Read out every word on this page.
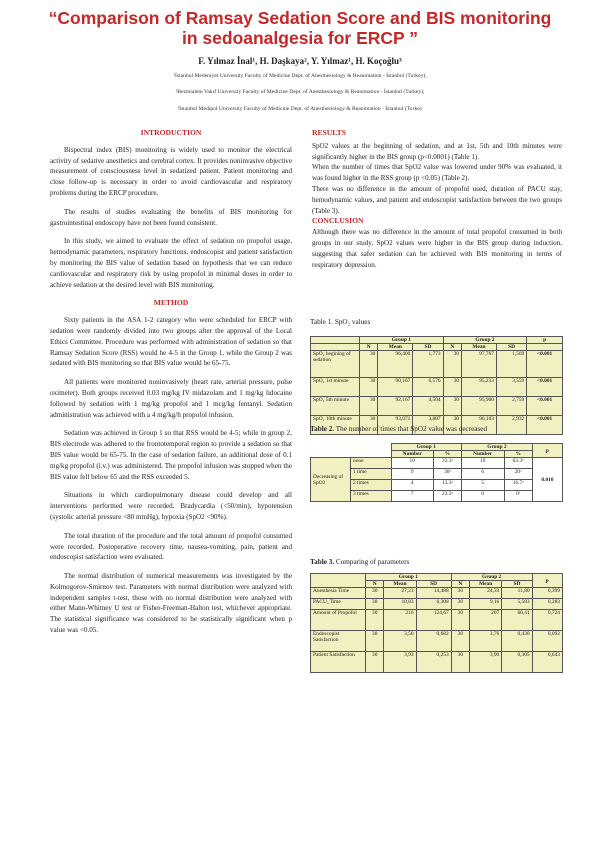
“Comparison of Ramsay Sedation Score and BIS monitoring
in sedoanalgesia for ERCP ”
F. Yılmaz İnal¹, H. Daşkaya², Y. Yılmaz¹, H. Koçoğlu³
¹İstanbul Medeniyet University Faculty of Medicine Dept. of Anesthesiology & Reanimation - İstanbul (Turkey),
²Bezmialem Vakıf University Faculty of Medicine Dept. of Anesthesiology & Reanimation - İstanbul (Turkey),
³İstanbul Medipol University Faculty of Medicine Dept. of Anesthesiology & Reanimation - İstanbul (Turkey
INTRODUCTION

Bispectral index (BIS) monitoring is widely used to monitor the electrical activity of sedative anesthetics and cerebral cortex. It provides noninvasive objective measurement of consciousness level in sedatized patient. Patient monitoring and close follow-up is necessary in order to avoid cardiovascular and respiratory problems during the ERCP procedure.

The results of studies evaluating the benefits of BIS monitoring for gastrointestinal endoscopy have not been found consistent.

In this study, we aimed to evaluate the effect of sedation on propofol usage, hemodynamic parameters, respiratory functions, endoscopist and patient satisfaction by monitoring the BIS value of sedation based on hypothesis that we can reduce cardiovascular and respiratory risk by using propofol in minimal doses in order to achieve sedation at the desired level with BIS monitoring.

METHOD

Sixty patients in the ASA 1-2 category who were scheduled for ERCP with sedation were randomly divided into two groups after the approval of the Local Ethics Committee. Procedure was performed with administration of sedation so that Ramsay Sedation Score (RSS) would be 4-5 in the Group 1, while the Group 2 was sedated with BIS monitoring so that BIS value would be 65-75.

All patients were monitored noninvasively (heart rate, arterial pressure, pulse oximeter). Both groups received 0.03 mg/kg IV midazolam and 1 mg/kg lidocaine followed by sedation with 1 mg/kg propofol and 1 mcg/kg fentanyl. Sedation administration was achieved with a 4 mg/kg/h propofol infusion.

Sedation was achieved in Group 1 so that RSS would be 4-5; while in group 2, BIS electrode was adhered to the frontotemporal region to provide a sedation so that BIS value would be 65-75. In the case of sedation failure, an additional dose of 0.1 mg/kg propofol (i.v.) was administered. The propofol infusion was stopped when the BIS value fell below 65 and the RSS exceeded 5.

Situations in which cardiopulmonary disease could develop and all interventions performed were recorded. Bradycardia (<50/min), hypotension (systolic arterial pressure <80 mmHg), hypoxia (SpO2 <90%).

The total duration of the procedure and the total amount of propofol consumed were recorded. Postoperative recovery time, nausea-vomiting, pain, patient and endoscopist satisfaction were evaluated.

The normal distribution of numerical measurements was investigated by the Kolmogorov-Smirnov test. Parameters with normal distribution were analyzed with independent samples t-test, those with no normal distribution were analyzed with either Mann-Whitney U test or Fisher-Freeman-Halton test, whichever appropriate. The statistical significance was considered to be statistically significant when p value was <0.05.

RESULTS

SpO2 values at the beginning of sedation, and at 1st, 5th and 10th minutes were significantly higher in the BIS group (p<0.0001) (Table 1).

When the number of times that SpO2 value was lowered under 90% was evaluated, it was found higher in the RSS group (p <0.05) (Table 2).

There was no difference in the amount of propofol used, duration of PACU stay, hemodynamic values, and patient and endoscopist satisfaction between the two groups (Table 3).

CONCLUSION

Although there was no difference in the amount of total propofol consumed in both groups in our study, SpO2 values were higher in the BIS group during induction, suggesting that safer sedation can be achieved with BIS monitoring in terms of respiratory depression.

Table 1. SpO₂ values
	Group 1			Group 2			p
	N	Mean	SD	N	Mean	SD	
SpO₂ begining of sedation	30	96,400	1,773	30	97,767	1,569	<0.001
SpO₂ 1st minute	30	90,167	6,576	30	95,233	3,559	<0.001
SpO₂ 5th minute	30	92,167	4,504	30	95,900	2,759	<0.001
SpO₂ 10th minute	30	93,071	3,887	30	96,103	2,932	<0.001
Table 2. The number of times that SpO2 value was decreased
		Group 1		Group 2		p
		Number	%	Number	%	
Decreasing of SpO2	none	10	33.3ᵃ	19	63.3ᵇ	0.010
	1 time	9	30ᵃ	6	20ᵃ	
	2 times	4	13.3ᵃ	5	16.7ᵃ	
	3 times	7	23.3ᵃ	0	0ᵇ	
Table 3. Comparing of parameters
	Group 1			Group 2			p
	N	Mean	SD	N	Mean	SD	
Anesthesia Time	30	27,23	14,488	30	24,33	11,80	0,399
PACU_Time	30	10,83	6,308	30	9,16	5,583	0,283
Amount of Propofol	30	216	124,67	30	207	60,41	0,724
Endoscopist Satisfaction	30	3,50	0,682	30	3,76	0,430	0,092
Patient Satisfaction	30	3,93	0,253	30	3,90	0,305	0,643
